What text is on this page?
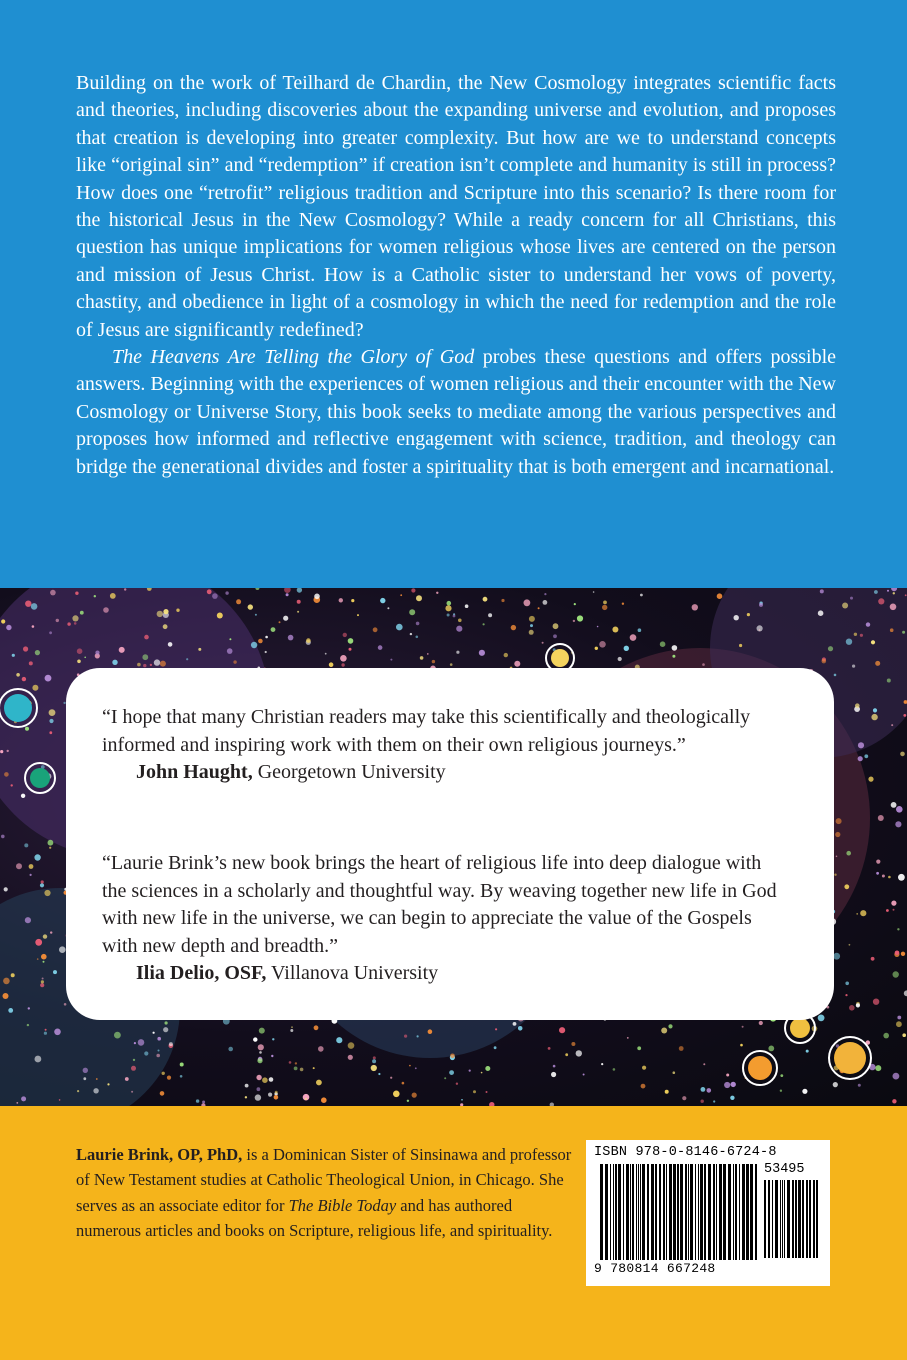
Building on the work of Teilhard de Chardin, the New Cosmology integrates scientific facts and theories, including discoveries about the expanding universe and evolution, and proposes that creation is developing into greater complexity. But how are we to understand concepts like “original sin” and “redemption” if creation isn’t complete and humanity is still in process? How does one “retrofit” religious tradition and Scripture into this scenario? Is there room for the historical Jesus in the New Cosmology? While a ready concern for all Christians, this question has unique implications for women religious whose lives are centered on the person and mission of Jesus Christ. How is a Catholic sister to understand her vows of poverty, chastity, and obedience in light of a cosmology in which the need for redemption and the role of Jesus are significantly redefined?

The Heavens Are Telling the Glory of God probes these questions and offers possible answers. Beginning with the experiences of women religious and their encounter with the New Cosmology or Universe Story, this book seeks to mediate among the various perspectives and proposes how informed and reflective engagement with science, tradition, and theology can bridge the generational divides and foster a spirituality that is both emergent and incarnational.

“I hope that many Christian readers may take this scientifically and theologically informed and inspiring work with them on their own religious journeys.”
John Haught, Georgetown University

“Laurie Brink’s new book brings the heart of religious life into deep dialogue with the sciences in a scholarly and thoughtful way. By weaving together new life in God with new life in the universe, we can begin to appreciate the value of the Gospels with new depth and breadth.”
Ilia Delio, OSF, Villanova University

Laurie Brink, OP, PhD, is a Dominican Sister of Sinsinawa and professor of New Testament studies at Catholic Theological Union, in Chicago. She serves as an associate editor for The Bible Today and has authored numerous articles and books on Scripture, religious life, and spirituality.

ISBN 978-0-8146-6724-8
53495
9 780814 667248
